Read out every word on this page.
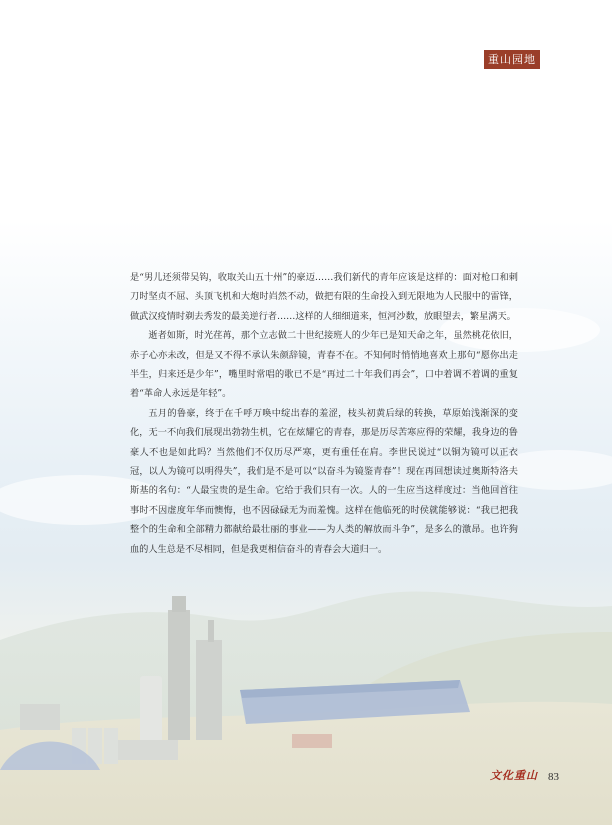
重山园地

是“男儿还须带吴钩，收取关山五十州”的豪迈……我们新代的青年应该是这样的：面对枪口和刺刀时坚贞不屈、头顶飞机和大炮时岿然不动，做把有限的生命投入到无限地为人民服中的雷锋，做武汉疫情时剃去秀发的最美逆行者……这样的人细细道来，恒河沙数，放眼望去，繁星满天。

逝者如斯，时光荏苒，那个立志做二十世纪接班人的少年已是知天命之年，虽然桃花依旧，赤子心亦未改，但是又不得不承认朱颜辞镜，青春不在。不知何时悄悄地喜欢上那句“愿你出走半生，归来还是少年”，嘴里时常唱的歌已不是“再过二十年我们再会”，口中着调不着调的重复着“革命人永远是年轻”。

五月的鲁豪，终于在千呼万唤中绽出春的羞涩，枝头初黄后绿的转换，草原始浅渐深的变化，无一不向我们展现出勃勃生机，它在炫耀它的青春，那是历尽苦寒应得的荣耀，我身边的鲁豪人不也是如此吗？当然他们不仅历尽严寒，更有重任在肩。李世民说过“以铜为镜可以正衣冠，以人为镜可以明得失”，我们是不是可以“以奋斗为镜鉴青春”！现在再回想读过奥斯特洛夫斯基的名句：“人最宝贵的是生命。它给于我们只有一次。人的一生应当这样度过：当他回首往事时不因虚度年华而懊悔，也不因碌碌无为而羞愧。这样在他临死的时侯就能够说：“我已把我整个的生命和全部精力都献给最壮丽的事业——为人类的解放而斗争”，是多么的激昂。也许狗血的人生总是不尽相同，但是我更相信奋斗的青春会大道归一。

文化重山 83
